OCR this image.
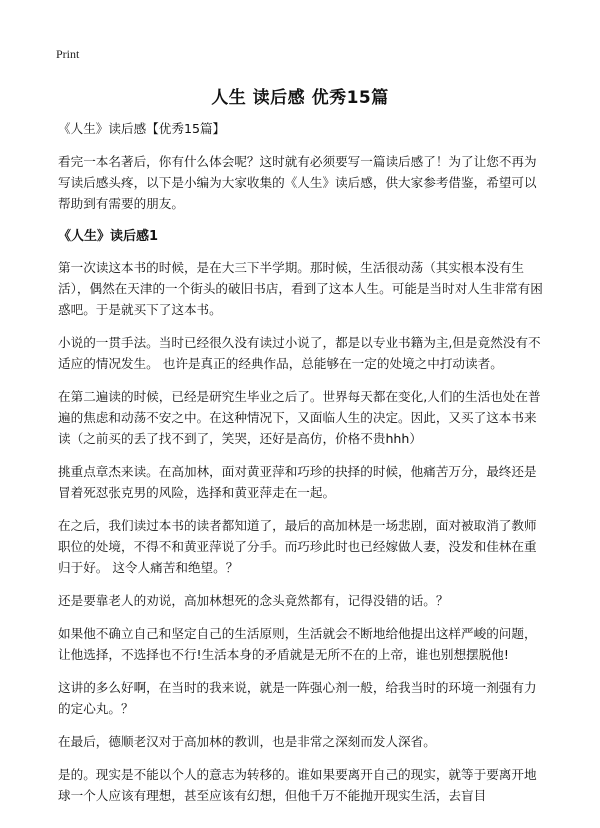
Print
人生 读后感 优秀15篇

《人生》读后感【优秀15篇】

看完一本名著后，你有什么体会呢？这时就有必须要写一篇读后感了！为了让您不再为写读后感头疼，以下是小编为大家收集的《人生》读后感，供大家参考借鉴，希望可以帮助到有需要的朋友。

《人生》读后感1

第一次读这本书的时候，是在大三下半学期。那时候，生活很动荡（其实根本没有生活），偶然在天津的一个街头的破旧书店，看到了这本人生。可能是当时对人生非常有困惑吧。于是就买下了这本书。

小说的一贯手法。当时已经很久没有读过小说了，都是以专业书籍为主,但是竟然没有不适应的情况发生。 也许是真正的经典作品，总能够在一定的处境之中打动读者。

在第二遍读的时候，已经是研究生毕业之后了。世界每天都在变化,人们的生活也处在普遍的焦虑和动荡不安之中。在这种情况下，又面临人生的决定。因此，又买了这本书来读（之前买的丢了找不到了，笑哭，还好是高仿，价格不贵hhh）

挑重点章杰来读。在高加林，面对黄亚萍和巧珍的抉择的时候，他痛苦万分，最终还是冒着死怼张克男的风险，选择和黄亚萍走在一起。

在之后，我们读过本书的读者都知道了，最后的高加林是一场悲剧，面对被取消了教师职位的处境，不得不和黄亚萍说了分手。而巧珍此时也已经嫁做人妻，没发和佳林在重归于好。 这令人痛苦和绝望。？

还是要靠老人的劝说，高加林想死的念头竟然都有，记得没错的话。？

如果他不确立自己和坚定自己的生活原则，生活就会不断地给他提出这样严峻的问题，让他选择，不选择也不行!生活本身的矛盾就是无所不在的上帝，谁也别想摆脱他!

这讲的多么好啊，在当时的我来说，就是一阵强心剂一般，给我当时的环境一剂强有力的定心丸。？

在最后，德顺老汉对于高加林的教训，也是非常之深刻而发人深省。

是的。现实是不能以个人的意志为转移的。谁如果要离开自己的现实，就等于要离开地球一个人应该有理想，甚至应该有幻想，但他千万不能抛开现实生活，去盲目
